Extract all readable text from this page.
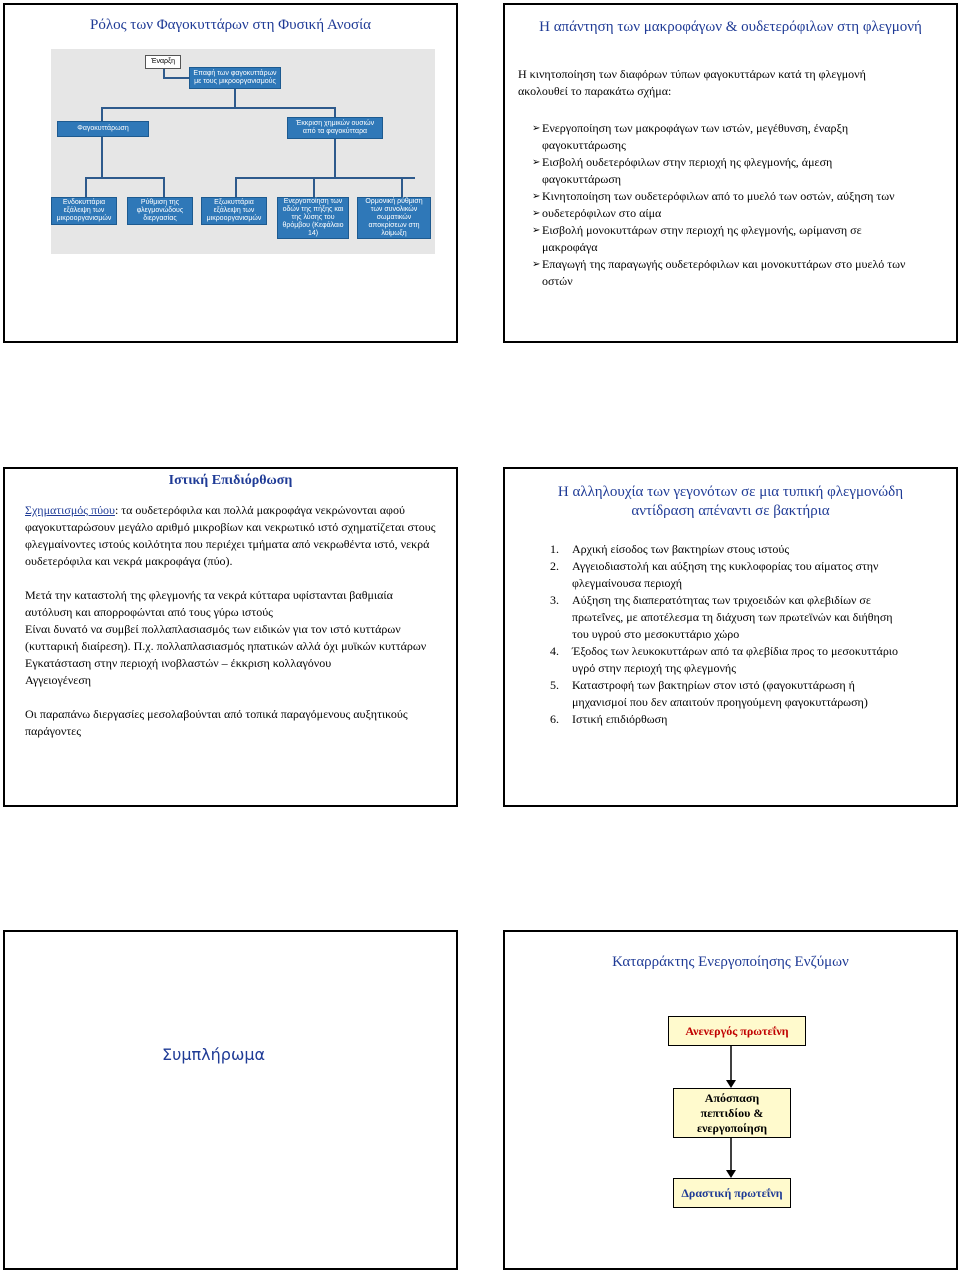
Ρόλος των Φαγοκυττάρων στη Φυσική Ανοσία
Έναρξη
Επαφή των φαγοκυττάρων με τους μικροοργανισμούς
Φαγοκυττάρωση
Έκκριση χημικών ουσιών από τα φαγοκύτταρα
Ενδοκυττάρια εξάλειψη των μικροοργανισμών
Ρύθμιση της φλεγμονώδους διεργασίας
Εξωκυττάρια εξάλειψη των μικροοργανισμών
Ενεργοποίηση των οδών της πήξης και της λύσης του θρόμβου (Κεφάλαιο 14)
Ορμονική ρύθμιση των συνολικών σωματικών αποκρίσεων στη λοίμωξη
Η απάντηση των μακροφάγων & ουδετερόφιλων στη φλεγμονή
Η κινητοποίηση των διαφόρων τύπων φαγοκυττάρων κατά τη φλεγμονή ακολουθεί το παρακάτω σχήμα:
➢ Ενεργοποίηση των μακροφάγων των ιστών, μεγέθυνση, έναρξη φαγοκυττάρωσης
➢ Εισβολή ουδετερόφιλων στην περιοχή ης φλεγμονής, άμεση φαγοκυττάρωση
➢ Κινητοποίηση των ουδετερόφιλων από το μυελό των οστών, αύξηση των
➢ ουδετερόφιλων στο αίμα
➢ Εισβολή μονοκυττάρων στην περιοχή ης φλεγμονής, ωρίμανση σε μακροφάγα
➢ Επαγωγή της παραγωγής ουδετερόφιλων και μονοκυττάρων στο μυελό των οστών
Ιστική Επιδιόρθωση

Σχηματισμός πύου: τα ουδετερόφιλα και πολλά μακροφάγα νεκρώνονται αφού φαγοκυτταρώσουν μεγάλο αριθμό μικροβίων και νεκρωτικό ιστό σχηματίζεται στους φλεγμαίνοντες ιστούς κοιλότητα που περιέχει τμήματα από νεκρωθέντα ιστό, νεκρά ουδετερόφιλα και νεκρά μακροφάγα (πύο).

Μετά την καταστολή της φλεγμονής τα νεκρά κύτταρα υφίστανται βαθμιαία αυτόλυση και απορροφώνται από τους γύρω ιστούς

Είναι δυνατό να συμβεί πολλαπλασιασμός των ειδικών για τον ιστό κυττάρων (κυτταρική διαίρεση). Π.χ. πολλαπλασιασμός ηπατικών αλλά όχι μυϊκών κυττάρων

Εγκατάσταση στην περιοχή ινοβλαστών – έκκριση κολλαγόνου

Αγγειογένεση

Οι παραπάνω διεργασίες μεσολαβούνται από τοπικά παραγόμενους αυξητικούς παράγοντες

Η αλληλουχία των γεγονότων σε μια τυπική φλεγμονώδη αντίδραση απέναντι σε βακτήρια
1.	Αρχική είσοδος των βακτηρίων στους ιστούς
2.	Αγγειοδιαστολή και αύξηση της κυκλοφορίας του αίματος στην φλεγμαίνουσα περιοχή
3.	Αύξηση της διαπερατότητας των τριχοειδών και φλεβιδίων σε πρωτεΐνες, με αποτέλεσμα τη διάχυση των πρωτεϊνών και διήθηση του υγρού στο μεσοκυττάριο χώρο
4.	Έξοδος των λευκοκυττάρων από τα φλεβίδια προς το μεσοκυττάριο υγρό στην περιοχή της φλεγμονής
5.	Καταστροφή των βακτηρίων στον ιστό (φαγοκυττάρωση ή μηχανισμοί που δεν απαιτούν προηγούμενη φαγοκυττάρωση)
6.	Ιστική επιδιόρθωση
Συμπλήρωμα
Καταρράκτης Ενεργοποίησης Ενζύμων
Ανενεργός πρωτεΐνη
Απόσπαση πεπτιδίου & ενεργοποίηση
Δραστική πρωτεΐνη
